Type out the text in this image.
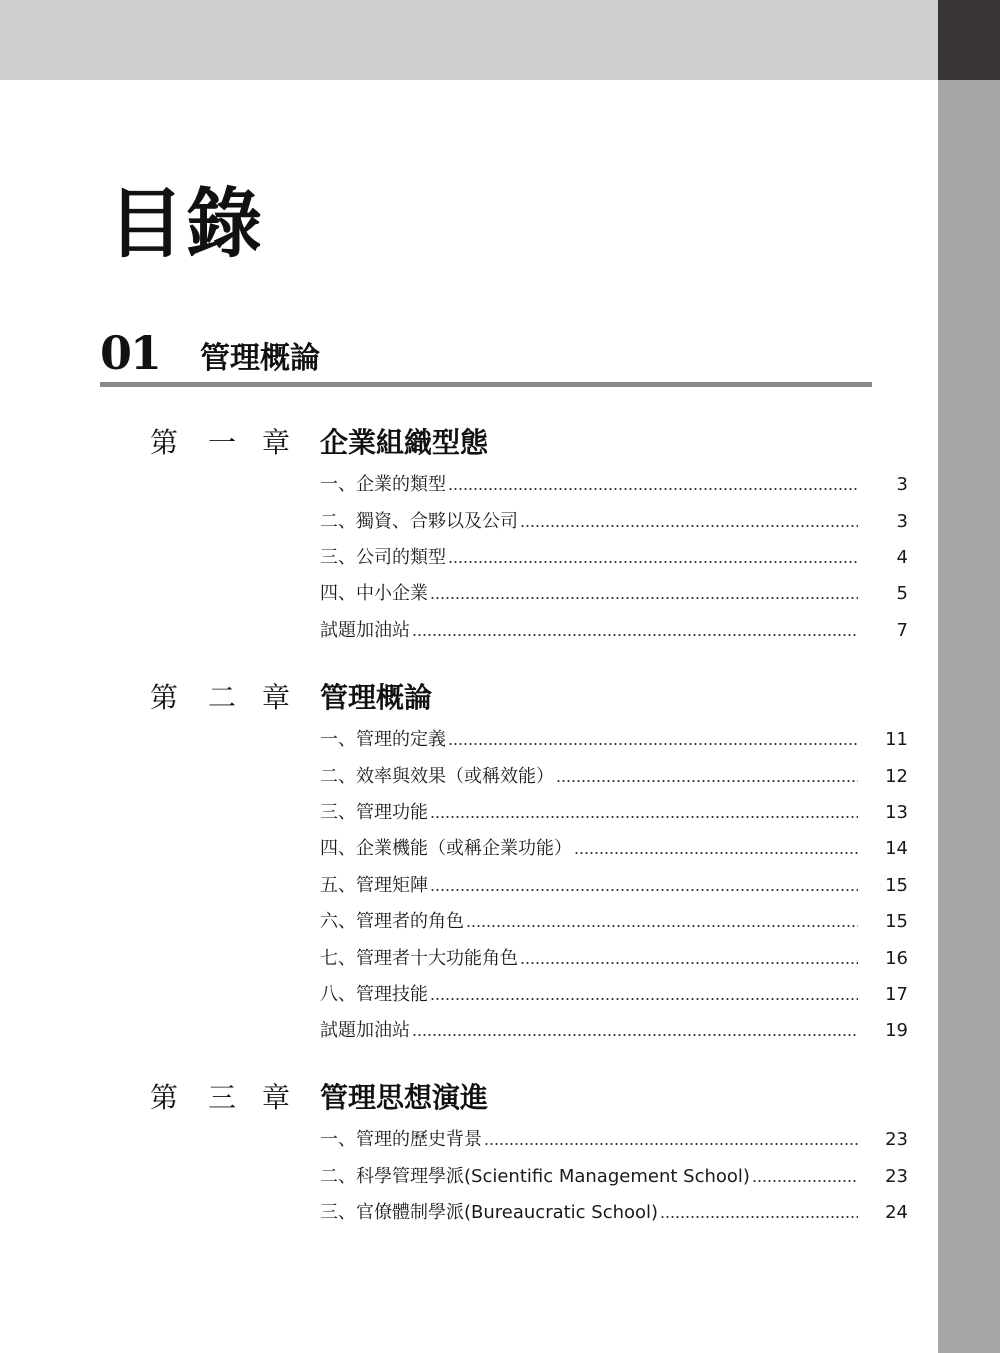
目錄
01 管理概論
第 一 章 企業組織型態
一、企業的類型	3
二、獨資、合夥以及公司	3
三、公司的類型	4
四、中小企業	5
試題加油站	7
第 二 章 管理概論
一、管理的定義	11
二、效率與效果（或稱效能）	12
三、管理功能	13
四、企業機能（或稱企業功能）	14
五、管理矩陣	15
六、管理者的角色	15
七、管理者十大功能角色	16
八、管理技能	17
試題加油站	19
第 三 章 管理思想演進
一、管理的歷史背景	23
二、科學管理學派(Scientific Management School)	23
三、官僚體制學派(Bureaucratic School)	24
